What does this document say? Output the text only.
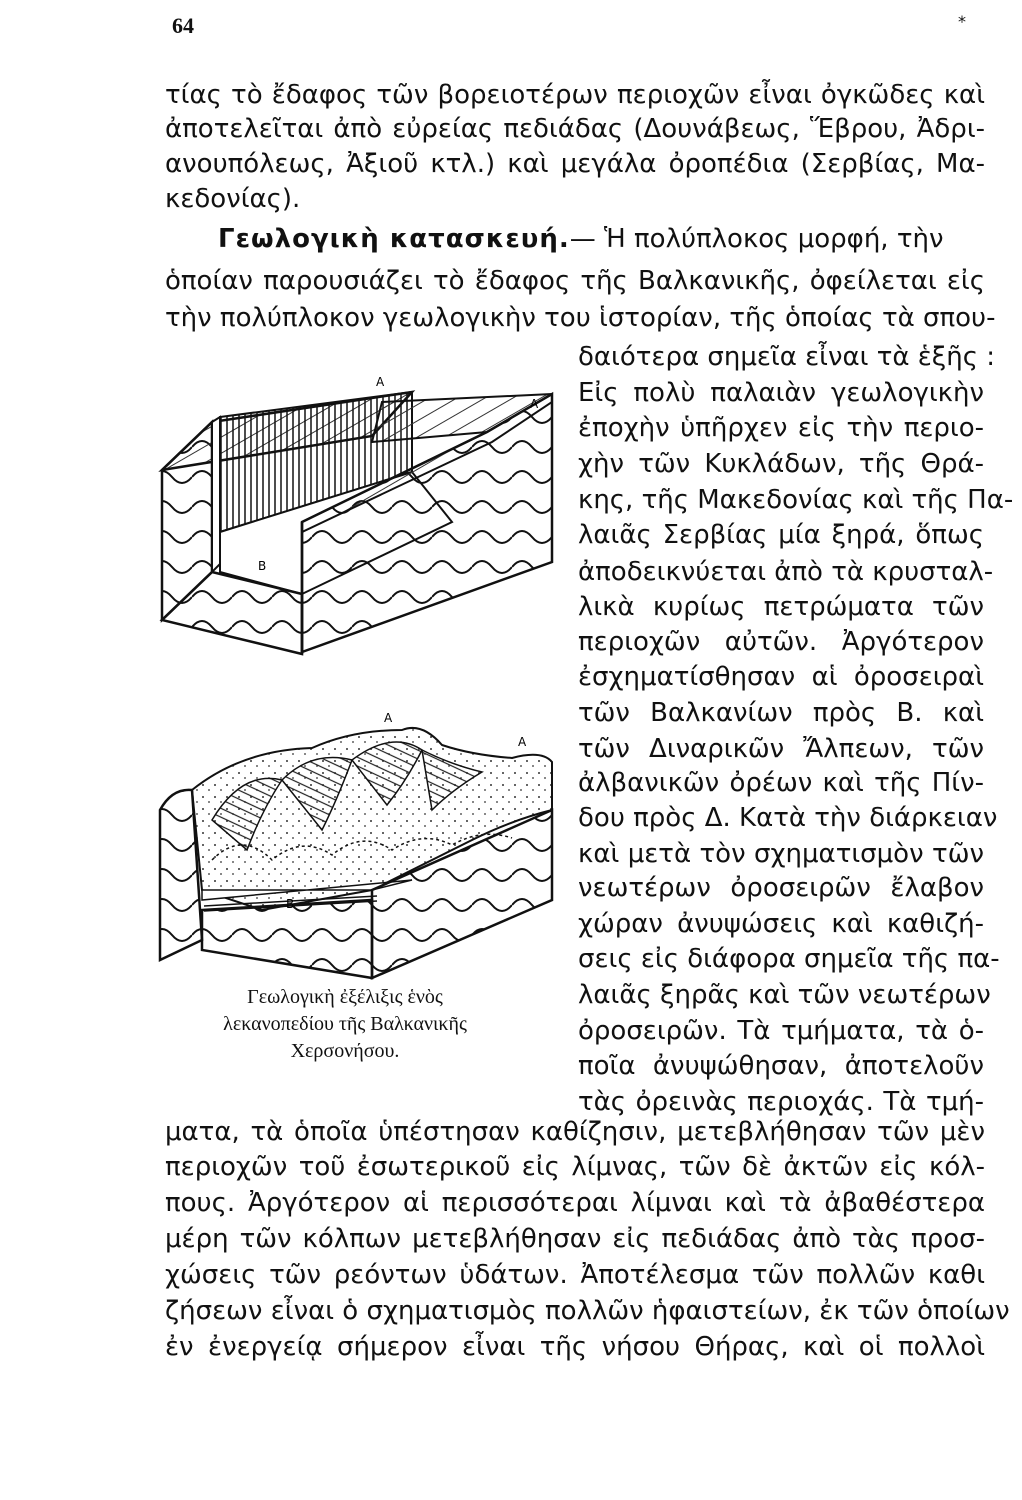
64	*
τίας τὸ ἔδαφος τῶν βορειοτέρων περιοχῶν εἶναι ὀγκῶδες καὶ
ἀποτελεῖται ἀπὸ εὐρείας πεδιάδας (Δουνάβεως, Ἕβρου, Ἀδρι-
ανουπόλεως, Ἀξιοῦ κτλ.) καὶ μεγάλα ὀροπέδια (Σερβίας, Μα-
κεδονίας).
Γεωλογικὴ κατασκευή.— Ἡ πολύπλοκος μορφή, τὴν
ὁποίαν παρουσιάζει τὸ ἔδαφος τῆς Βαλκανικῆς, ὀφείλεται εἰς
τὴν πολύπλοκον γεωλογικὴν του ἱστορίαν, τῆς ὁποίας τὰ σπου-
δαιότερα σημεῖα εἶναι τὰ ἑξῆς :
Εἰς πολὺ παλαιὰν γεωλογικὴν
ἐποχὴν ὑπῆρχεν εἰς τὴν περιο-
χὴν τῶν Κυκλάδων, τῆς Θρά-
κης, τῆς Μακεδονίας καὶ τῆς Πα-
λαιᾶς Σερβίας μία ξηρά, ὅπως
ἀποδεικνύεται ἀπὸ τὰ κρυσταλ-
λικὰ κυρίως πετρώματα τῶν
περιοχῶν αὐτῶν. Ἀργότερον
ἐσχηματίσθησαν αἱ ὀροσειραὶ
τῶν Βαλκανίων πρὸς Β. καὶ
τῶν Διναρικῶν Ἄλπεων, τῶν
ἀλβανικῶν ὀρέων καὶ τῆς Πίν-
δου πρὸς Δ. Κατὰ τὴν διάρκειαν
καὶ μετὰ τὸν σχηματισμὸν τῶν
νεωτέρων ὀροσειρῶν ἔλαβον
χώραν ἀνυψώσεις καὶ καθιζή-
σεις εἰς διάφορα σημεῖα τῆς πα-
λαιᾶς ξηρᾶς καὶ τῶν νεωτέρων
ὀροσειρῶν. Τὰ τμήματα, τὰ ὁ-
ποῖα ἀνυψώθησαν, ἀποτελοῦν
τὰς ὀρεινὰς περιοχάς. Τὰ τμή-
ματα, τὰ ὁποῖα ὑπέστησαν καθίζησιν, μετεβλήθησαν τῶν μὲν
περιοχῶν τοῦ ἐσωτερικοῦ εἰς λίμνας, τῶν δὲ ἀκτῶν εἰς κόλ-
πους. Ἀργότερον αἱ περισσότεραι λίμναι καὶ τὰ ἀβαθέστερα
μέρη τῶν κόλπων μετεβλήθησαν εἰς πεδιάδας ἀπὸ τὰς προσ-
χώσεις τῶν ρεόντων ὑδάτων. Ἀποτέλεσμα τῶν πολλῶν καθι
ζήσεων εἶναι ὁ σχηματισμὸς πολλῶν ἡφαιστείων, ἐκ τῶν ὁποίων
ἐν ἐνεργείᾳ σήμερον εἶναι τῆς νήσου Θήρας, καὶ οἱ πολλοὶ
A
A
B
A
A
B
Γεωλογικὴ ἐξέλιξις ἑνὸς
λεκανοπεδίου τῆς Βαλκανικῆς
Χερσονήσου.
